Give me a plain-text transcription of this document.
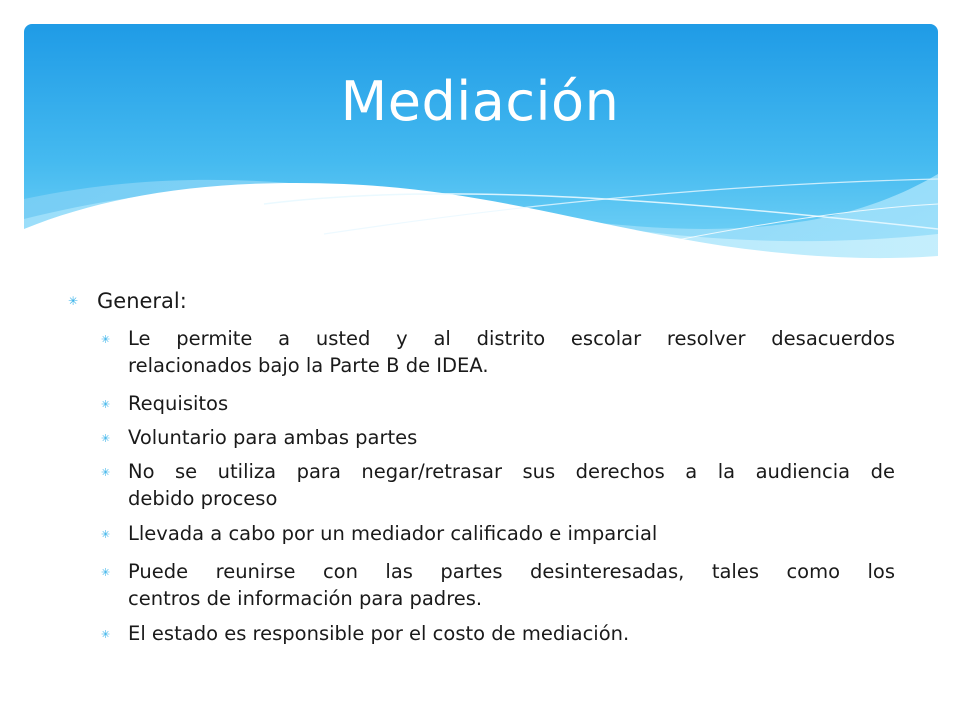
Mediación
✳ General:
✳ Le permite a usted y al distrito escolar resolver desacuerdos
relacionados bajo la Parte B de IDEA.
✳ Requisitos
✳ Voluntario para ambas partes
✳ No se utiliza para negar/retrasar sus derechos a la audiencia de
debido proceso
✳ Llevada a cabo por un mediador calificado e imparcial
✳ Puede reunirse con las partes desinteresadas, tales como los
centros de información para padres.
✳ El estado es responsible por el costo de mediación.
